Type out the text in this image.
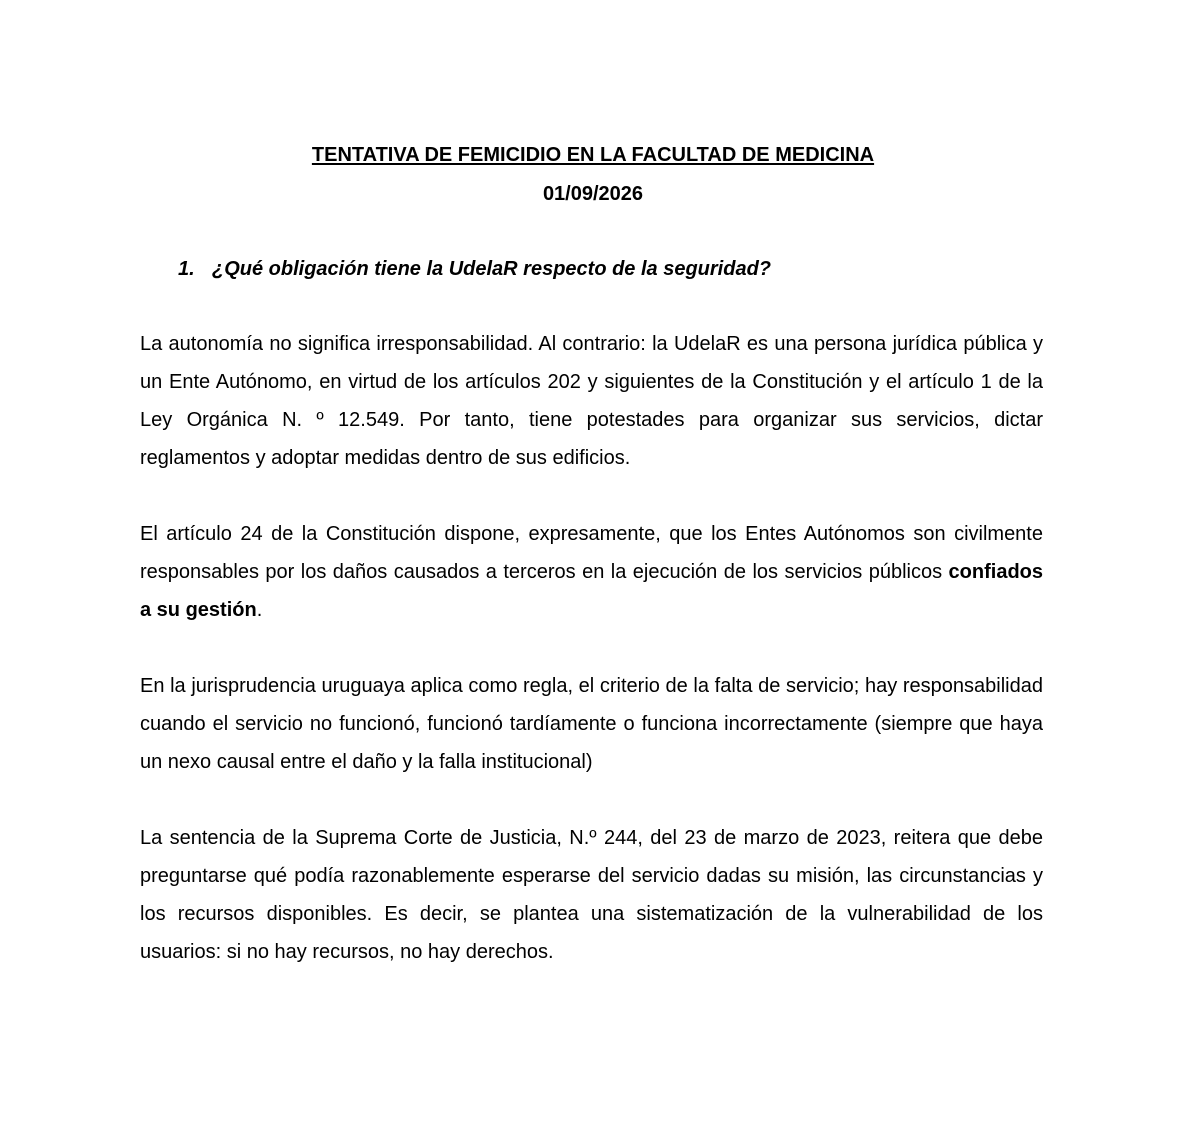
TENTATIVA DE FEMICIDIO EN LA FACULTAD DE MEDICINA
01/09/2026
1. ¿Qué obligación tiene la UdelaR respecto de la seguridad?

La autonomía no significa irresponsabilidad. Al contrario: la UdelaR es una persona jurídica pública y un Ente Autónomo, en virtud de los artículos 202 y siguientes de la Constitución y el artículo 1 de la Ley Orgánica N. º 12.549. Por tanto, tiene potestades para organizar sus servicios, dictar reglamentos y adoptar medidas dentro de sus edificios.

El artículo 24 de la Constitución dispone, expresamente, que los Entes Autónomos son civilmente responsables por los daños causados a terceros en la ejecución de los servicios públicos confiados a su gestión.

En la jurisprudencia uruguaya aplica como regla, el criterio de la falta de servicio; hay responsabilidad cuando el servicio no funcionó, funcionó tardíamente o funciona incorrectamente (siempre que haya un nexo causal entre el daño y la falla institucional)

La sentencia de la Suprema Corte de Justicia, N.º 244, del 23 de marzo de 2023, reitera que debe preguntarse qué podía razonablemente esperarse del servicio dadas su misión, las circunstancias y los recursos disponibles. Es decir, se plantea una sistematización de la vulnerabilidad de los usuarios: si no hay recursos, no hay derechos.
